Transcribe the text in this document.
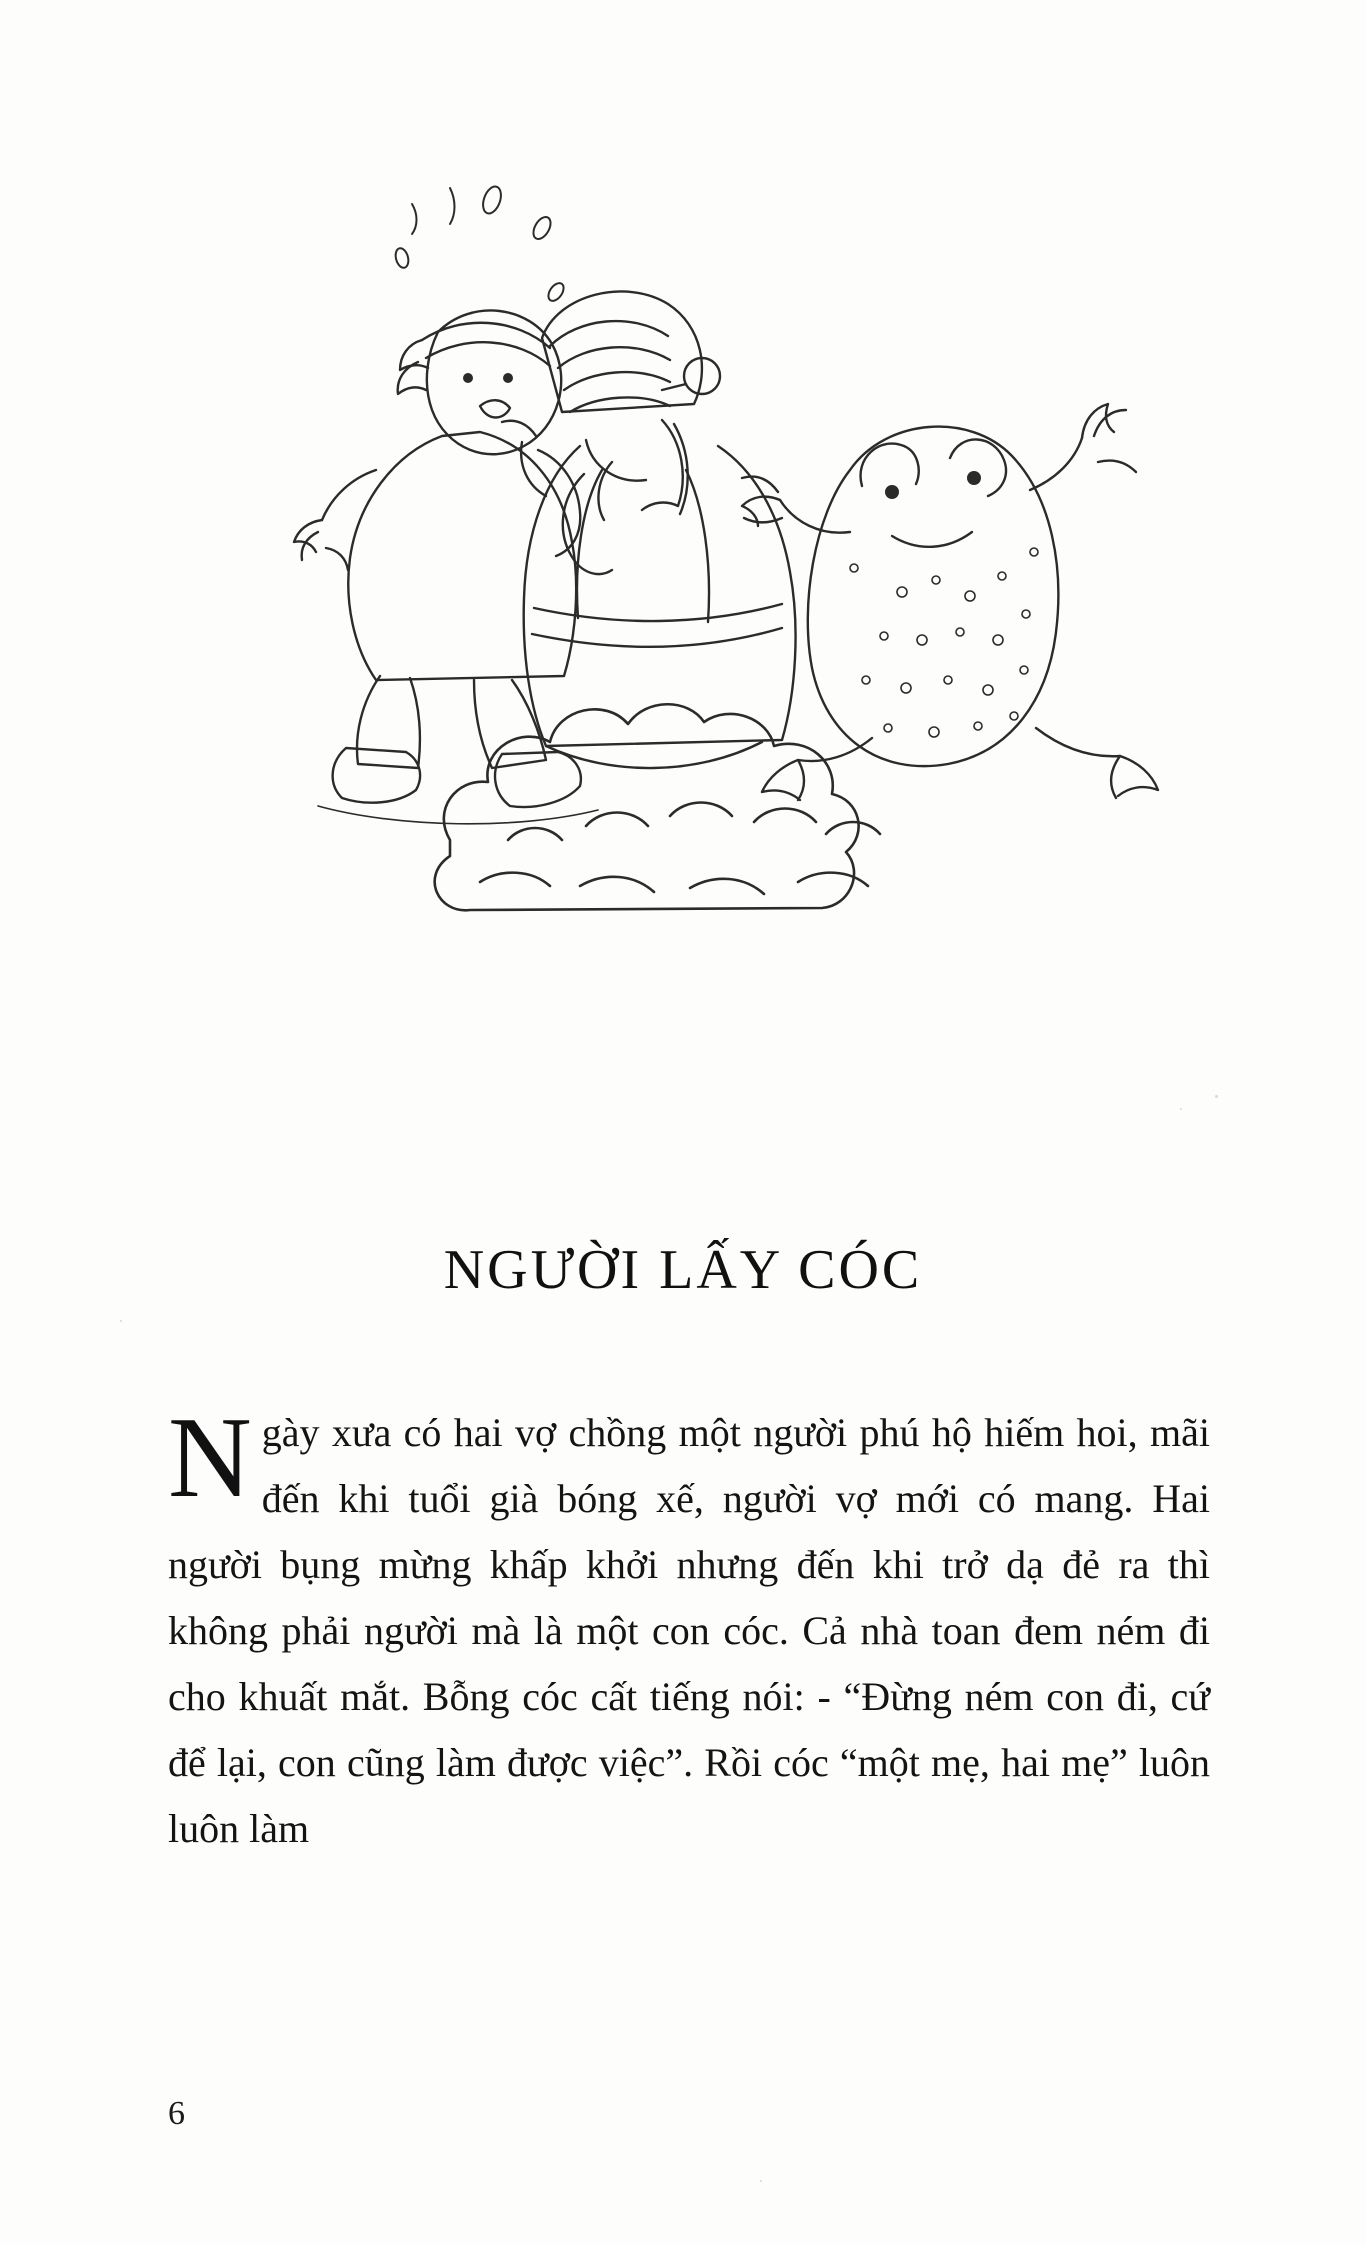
NGƯỜI LẤY CÓC
Ngày xưa có hai vợ chồng một người phú hộ hiếm hoi, mãi đến khi tuổi già bóng xế, người vợ mới có mang. Hai người bụng mừng khấp khởi nhưng đến khi trở dạ đẻ ra thì không phải người mà là một con cóc. Cả nhà toan đem ném đi cho khuất mắt. Bỗng cóc cất tiếng nói: - “Đừng ném con đi, cứ để lại, con cũng làm được việc”. Rồi cóc “một mẹ, hai mẹ” luôn luôn làm
6
